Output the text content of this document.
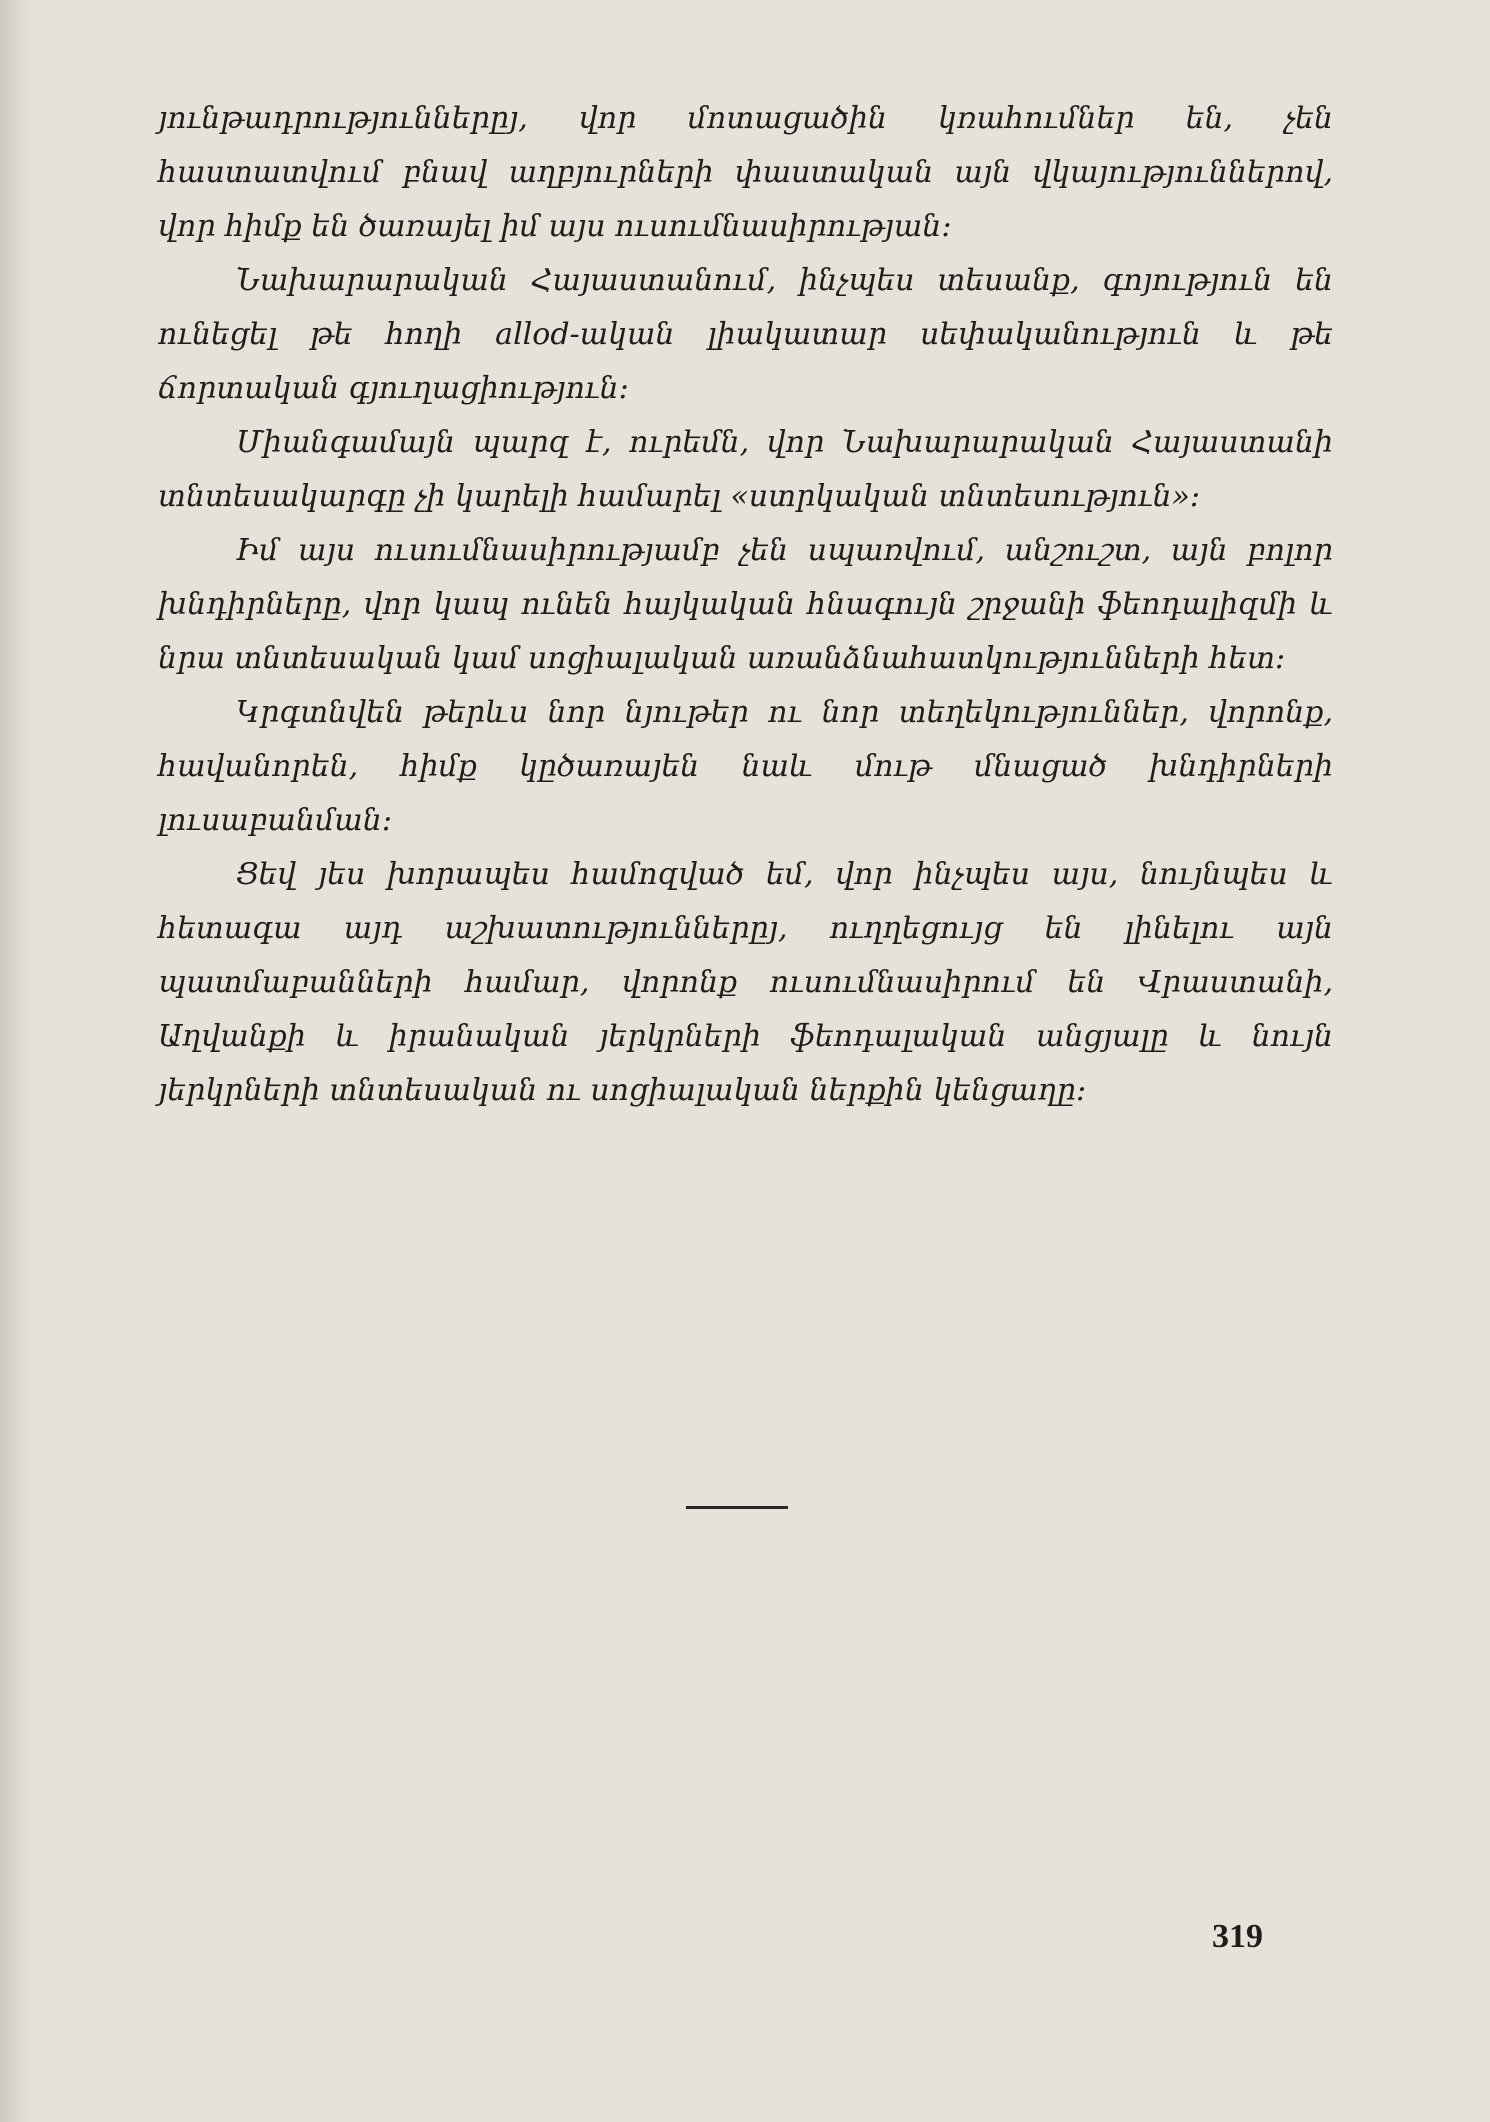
յունթադրություններըյ, վոր մոտացածին կռահումներ են, չեն հաստատվում բնավ աղբյուրների փաստական այն վկայություններով, վոր հիմք են ծառայել իմ այս ուսումնասիրության։

Նախարարական Հայաստանում, ինչպես տեսանք, գոյություն են ունեցել թե հողի allod-ական լիակատար սեփականություն և թե ճորտական գյուղացիություն։

Միանգամայն պարզ է, ուրեմն, վոր Նախարարական Հայաստանի տնտեսակարգը չի կարելի համարել «ստրկական տնտեսություն»։

Իմ այս ուսումնասիրությամբ չեն սպառվում, անշուշտ, այն բոլոր խնդիրները, վոր կապ ունեն հայկական հնագույն շրջանի ֆեոդալիզմի և նրա տնտեսական կամ սոցիալական առանձնահատկությունների հետ։

Կրգտնվեն թերևս նոր նյութեր ու նոր տեղեկություններ, վորոնք, հավանորեն, հիմք կըծառայեն նաև մութ մնացած խնդիրների լուսաբանման։

Ցեվ յես խորապես համոզված եմ, վոր ինչպես այս, նույնպես և հետագա այդ աշխատություններըյ, ուղղեցույց են լինելու այն պատմաբանների համար, վորոնք ուսումնասիրում են Վրաստանի, Աղվանքի և իրանական յերկրների ֆեոդալական անցյալը և նույն յերկրների տնտեսական ու սոցիալական ներքին կենցաղը։

319
